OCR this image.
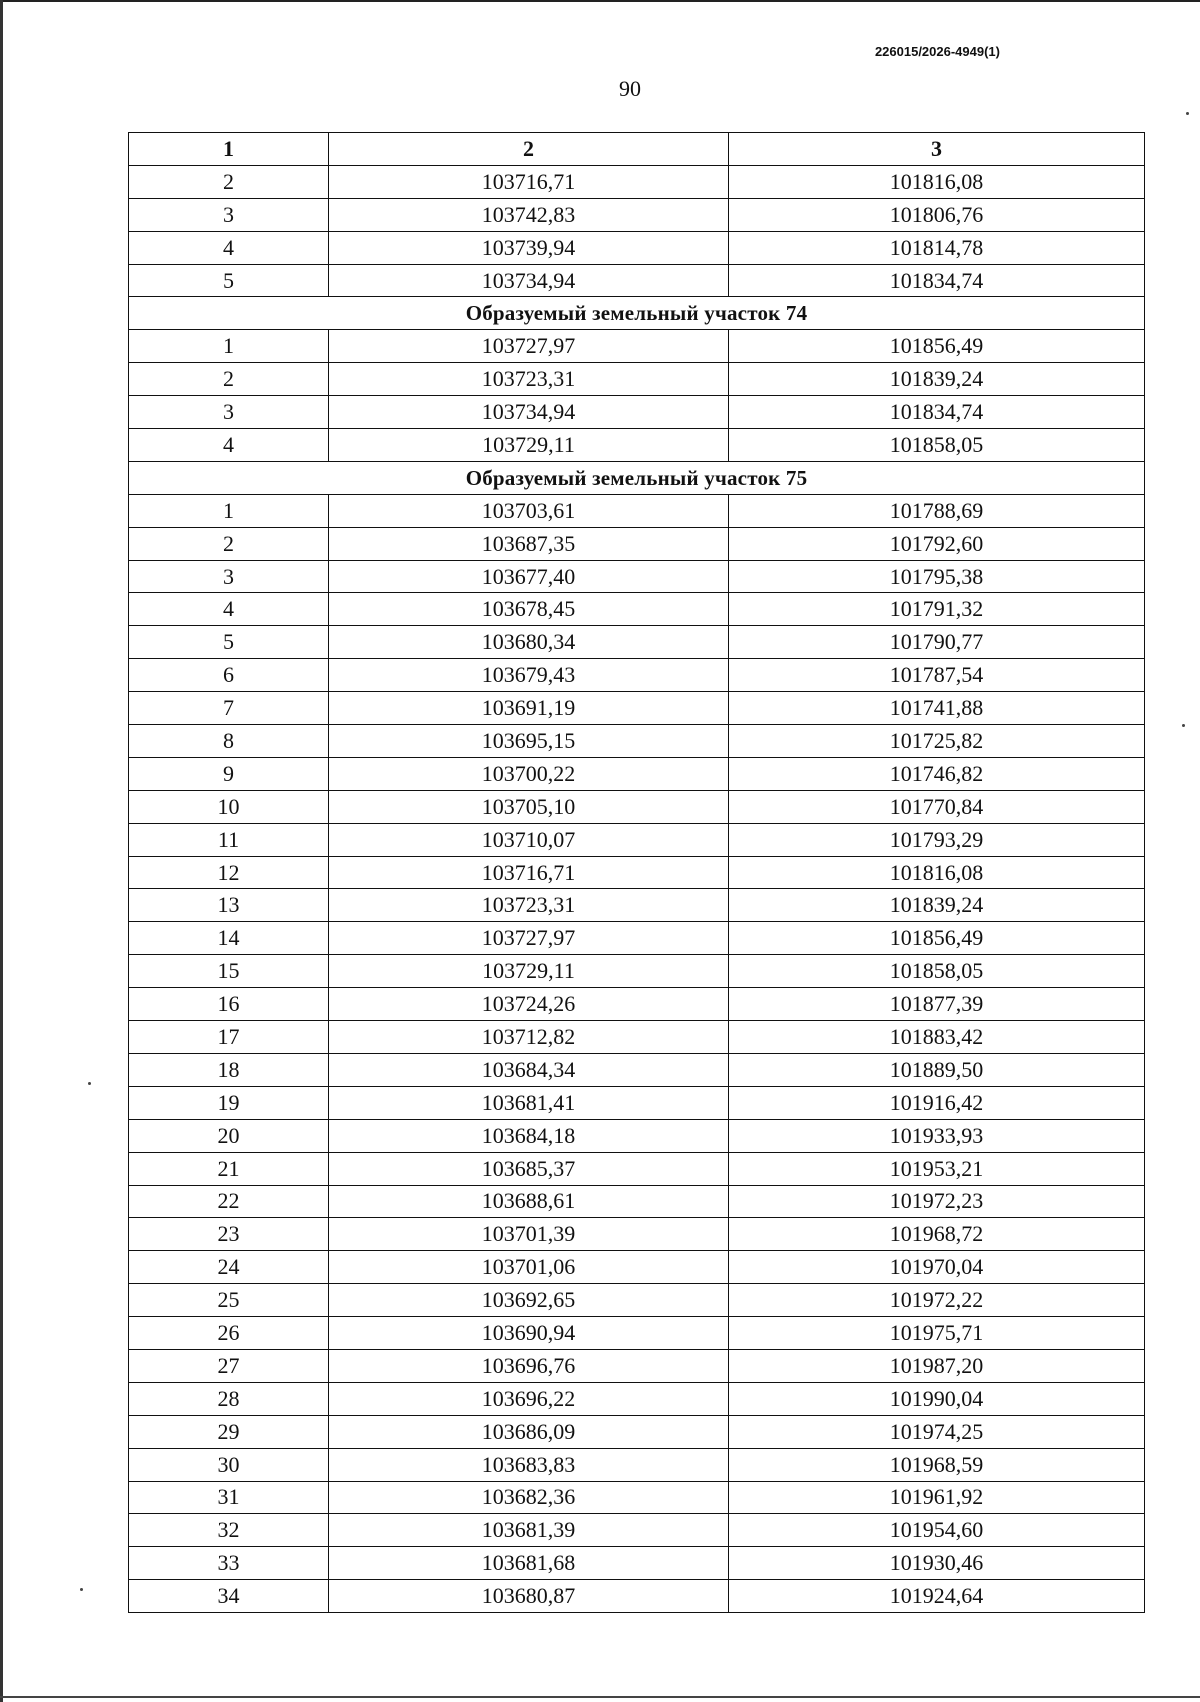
226015/2026-4949(1)
90
1	2	3
2	103716,71	101816,08
3	103742,83	101806,76
4	103739,94	101814,78
5	103734,94	101834,74
Образуемый земельный участок 74		
1	103727,97	101856,49
2	103723,31	101839,24
3	103734,94	101834,74
4	103729,11	101858,05
Образуемый земельный участок 75		
1	103703,61	101788,69
2	103687,35	101792,60
3	103677,40	101795,38
4	103678,45	101791,32
5	103680,34	101790,77
6	103679,43	101787,54
7	103691,19	101741,88
8	103695,15	101725,82
9	103700,22	101746,82
10	103705,10	101770,84
11	103710,07	101793,29
12	103716,71	101816,08
13	103723,31	101839,24
14	103727,97	101856,49
15	103729,11	101858,05
16	103724,26	101877,39
17	103712,82	101883,42
18	103684,34	101889,50
19	103681,41	101916,42
20	103684,18	101933,93
21	103685,37	101953,21
22	103688,61	101972,23
23	103701,39	101968,72
24	103701,06	101970,04
25	103692,65	101972,22
26	103690,94	101975,71
27	103696,76	101987,20
28	103696,22	101990,04
29	103686,09	101974,25
30	103683,83	101968,59
31	103682,36	101961,92
32	103681,39	101954,60
33	103681,68	101930,46
34	103680,87	101924,64
